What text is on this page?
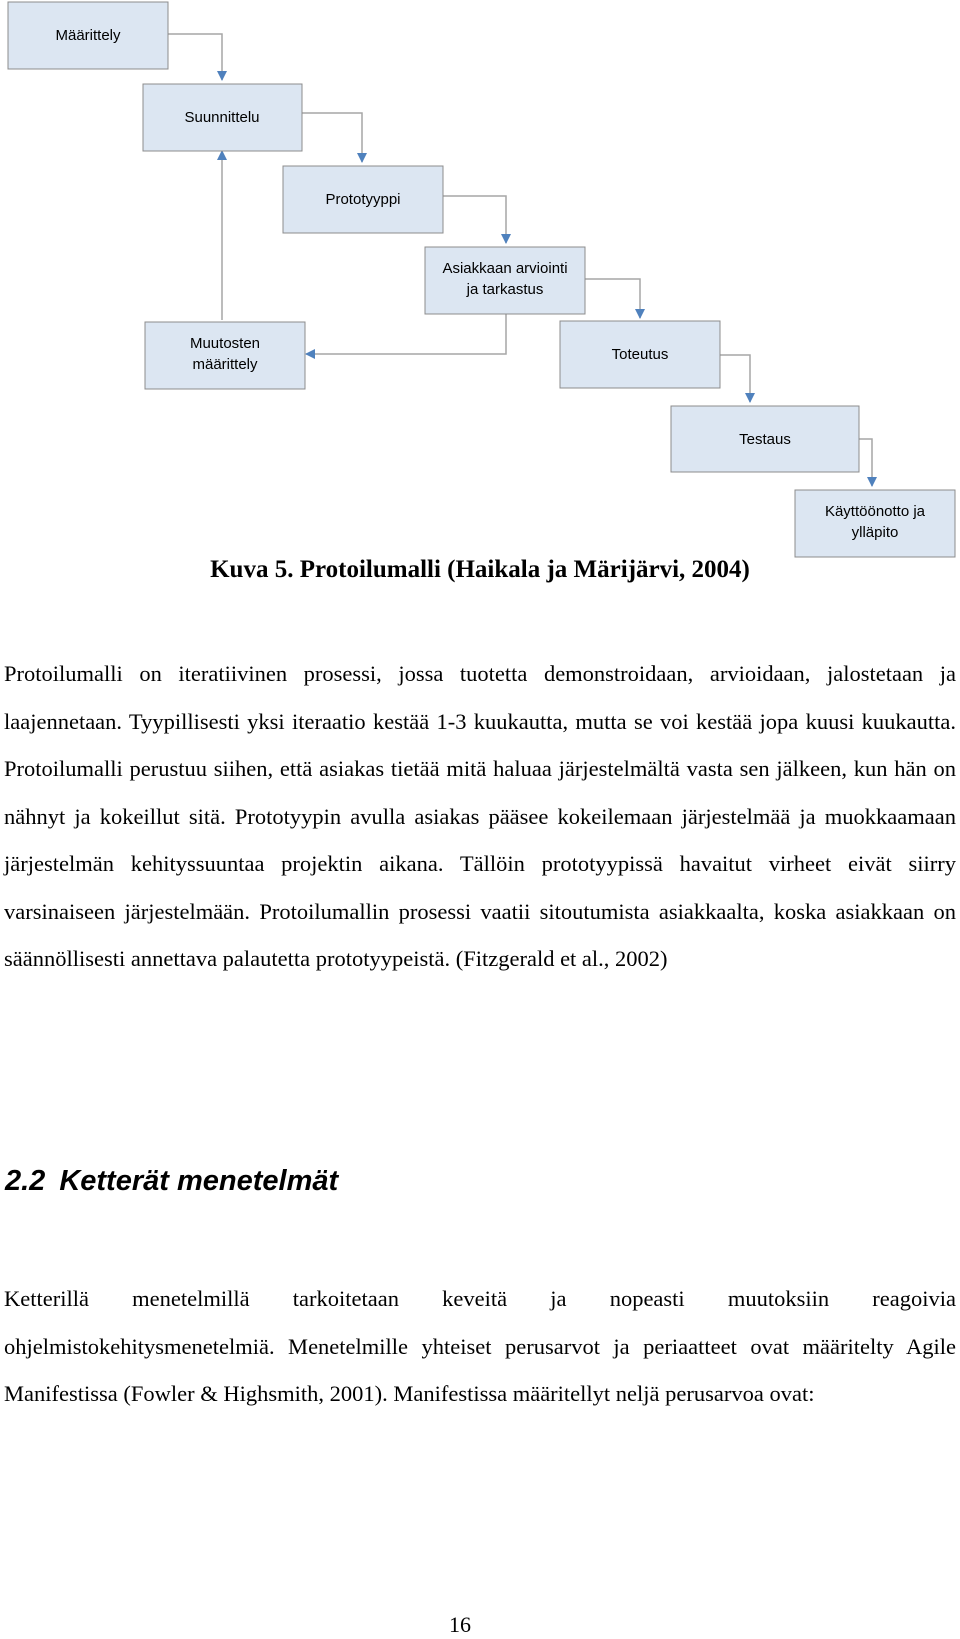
Määrittely
Suunnittelu
Prototyyppi
Asiakkaan arviointi
ja tarkastus
Muutosten
määrittely
Toteutus
Testaus
Käyttöönotto ja
ylläpito

Kuva 5. Protoilumalli (Haikala ja Märijärvi, 2004)

Protoilumalli on iteratiivinen prosessi, jossa tuotetta demonstroidaan, arvioidaan, jalostetaan ja laajennetaan. Tyypillisesti yksi iteraatio kestää 1-3 kuukautta, mutta se voi kestää jopa kuusi kuukautta. Protoilumalli perustuu siihen, että asiakas tietää mitä haluaa järjestelmältä vasta sen jälkeen, kun hän on nähnyt ja kokeillut sitä. Prototyypin avulla asiakas pääsee kokeilemaan järjestelmää ja muokkaamaan järjestelmän kehityssuuntaa projektin aikana. Tällöin prototyypissä havaitut virheet eivät siirry varsinaiseen järjestelmään. Protoilumallin prosessi vaatii sitoutumista asiakkaalta, koska asiakkaan on säännöllisesti annettava palautetta prototyypeistä. (Fitzgerald et al., 2002)

2.2 Ketterät menetelmät

Ketterillä menetelmillä tarkoitetaan keveitä ja nopeasti muutoksiin reagoivia ohjelmistokehitysmenetelmiä. Menetelmille yhteiset perusarvot ja periaatteet ovat määritelty Agile Manifestissa (Fowler & Highsmith, 2001). Manifestissa määritellyt neljä perusarvoa ovat:

16
